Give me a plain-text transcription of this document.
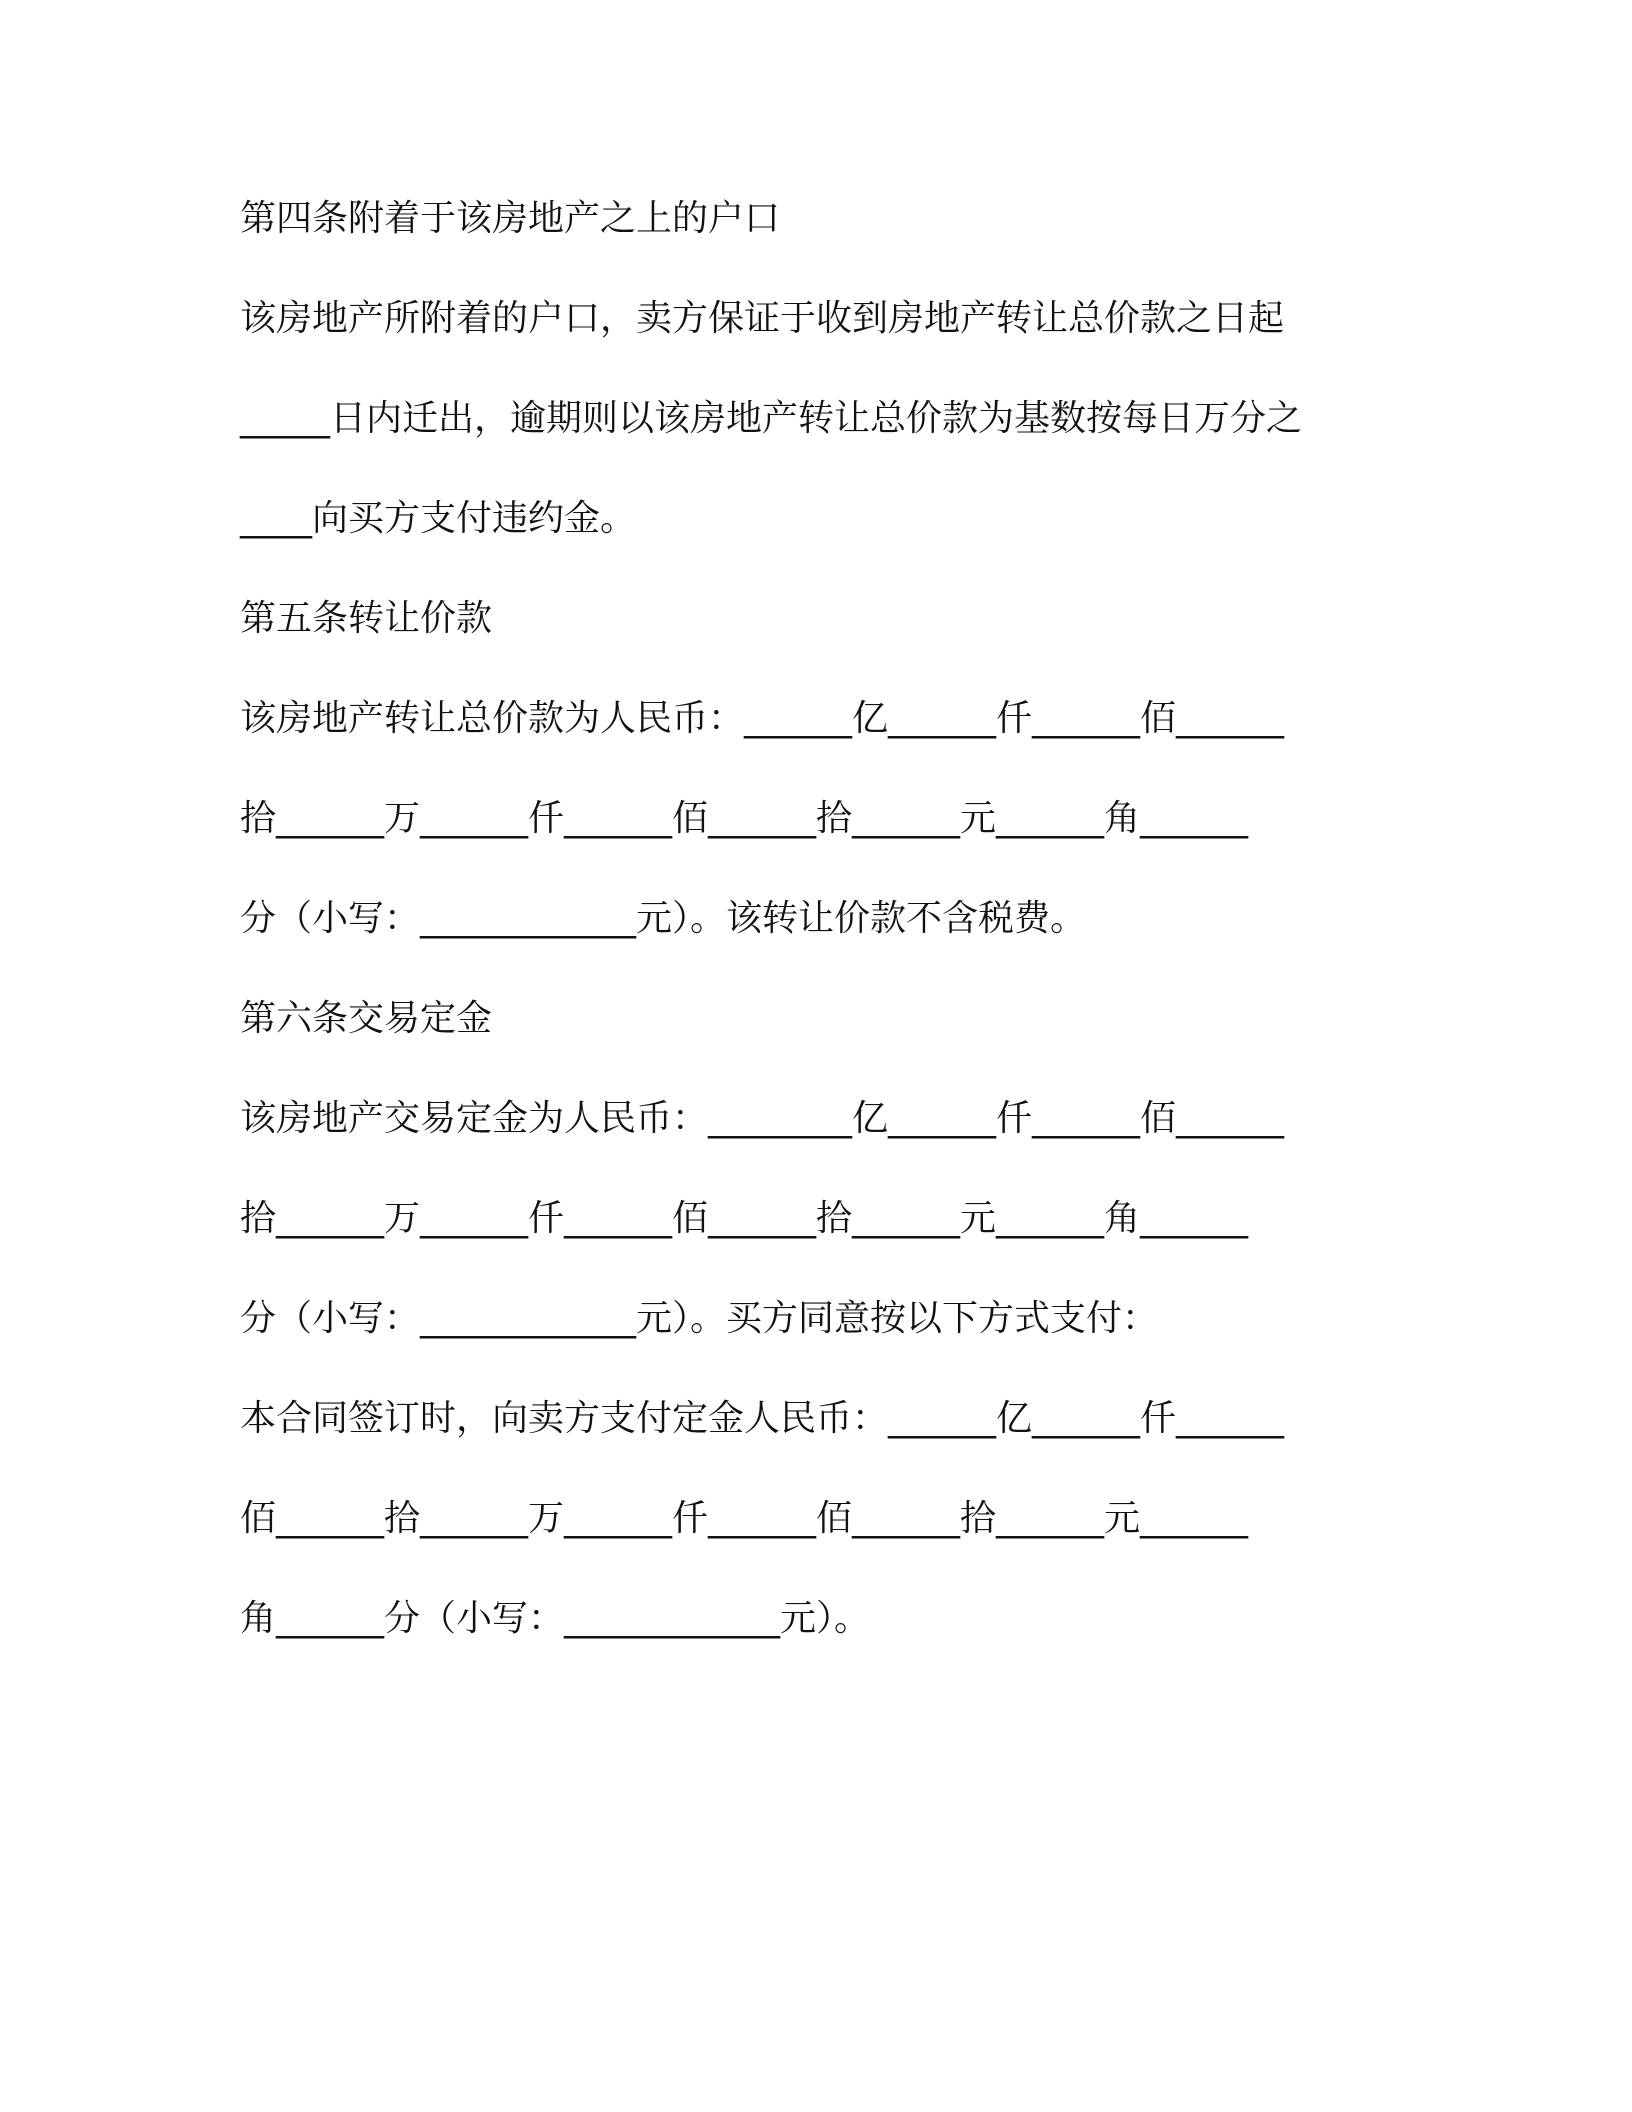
第四条附着于该房地产之上的户口
该房地产所附着的户口，卖方保证于收到房地产转让总价款之日起
_____日内迁出，逾期则以该房地产转让总价款为基数按每日万分之
____向买方支付违约金。
第五条转让价款
该房地产转让总价款为人民币：______亿______仟______佰______
拾______万______仟______佰______拾______元______角______
分（小写：____________元）。该转让价款不含税费。
第六条交易定金
该房地产交易定金为人民币：________亿______仟______佰______
拾______万______仟______佰______拾______元______角______
分（小写：____________元）。买方同意按以下方式支付：
本合同签订时，向卖方支付定金人民币：______亿______仟______
佰______拾______万______仟______佰______拾______元______
角______分（小写：____________元）。
